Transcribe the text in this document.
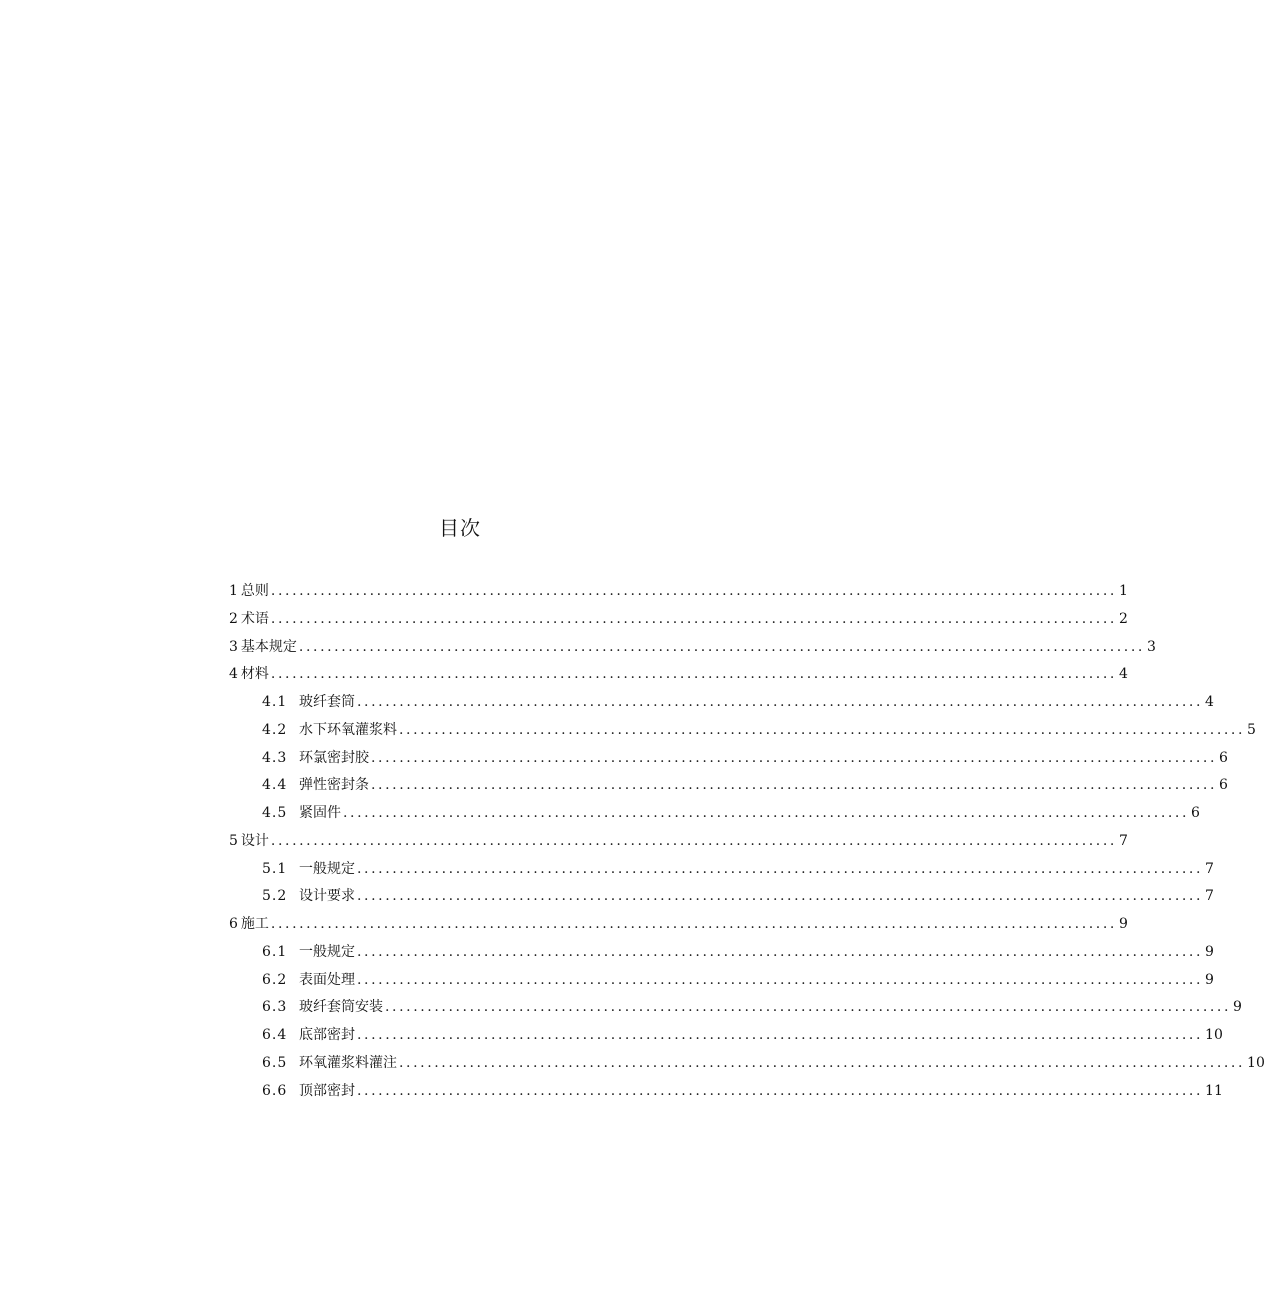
目次
1 总则 ........................................................................................................................ 1
2 术语 ........................................................................................................................ 2
3 基本规定 ........................................................................................................................ 3
4 材料 ........................................................................................................................ 4
4.1 玻纤套筒 ........................................................................................................................ 4
4.2 水下环氧灌浆料 ........................................................................................................................ 5
4.3 环氯密封胶 ........................................................................................................................ 6
4.4 弹性密封条 ........................................................................................................................ 6
4.5 紧固件 ........................................................................................................................ 6
5 设计 ........................................................................................................................ 7
5.1 一般规定 ........................................................................................................................ 7
5.2 设计要求 ........................................................................................................................ 7
6 施工 ........................................................................................................................ 9
6.1 一般规定 ........................................................................................................................ 9
6.2 表面处理 ........................................................................................................................ 9
6.3 玻纤套筒安装 ........................................................................................................................ 9
6.4 底部密封 ........................................................................................................................ 10
6.5 环氧灌浆料灌注 ........................................................................................................................ 10
6.6 顶部密封 ........................................................................................................................ 11
